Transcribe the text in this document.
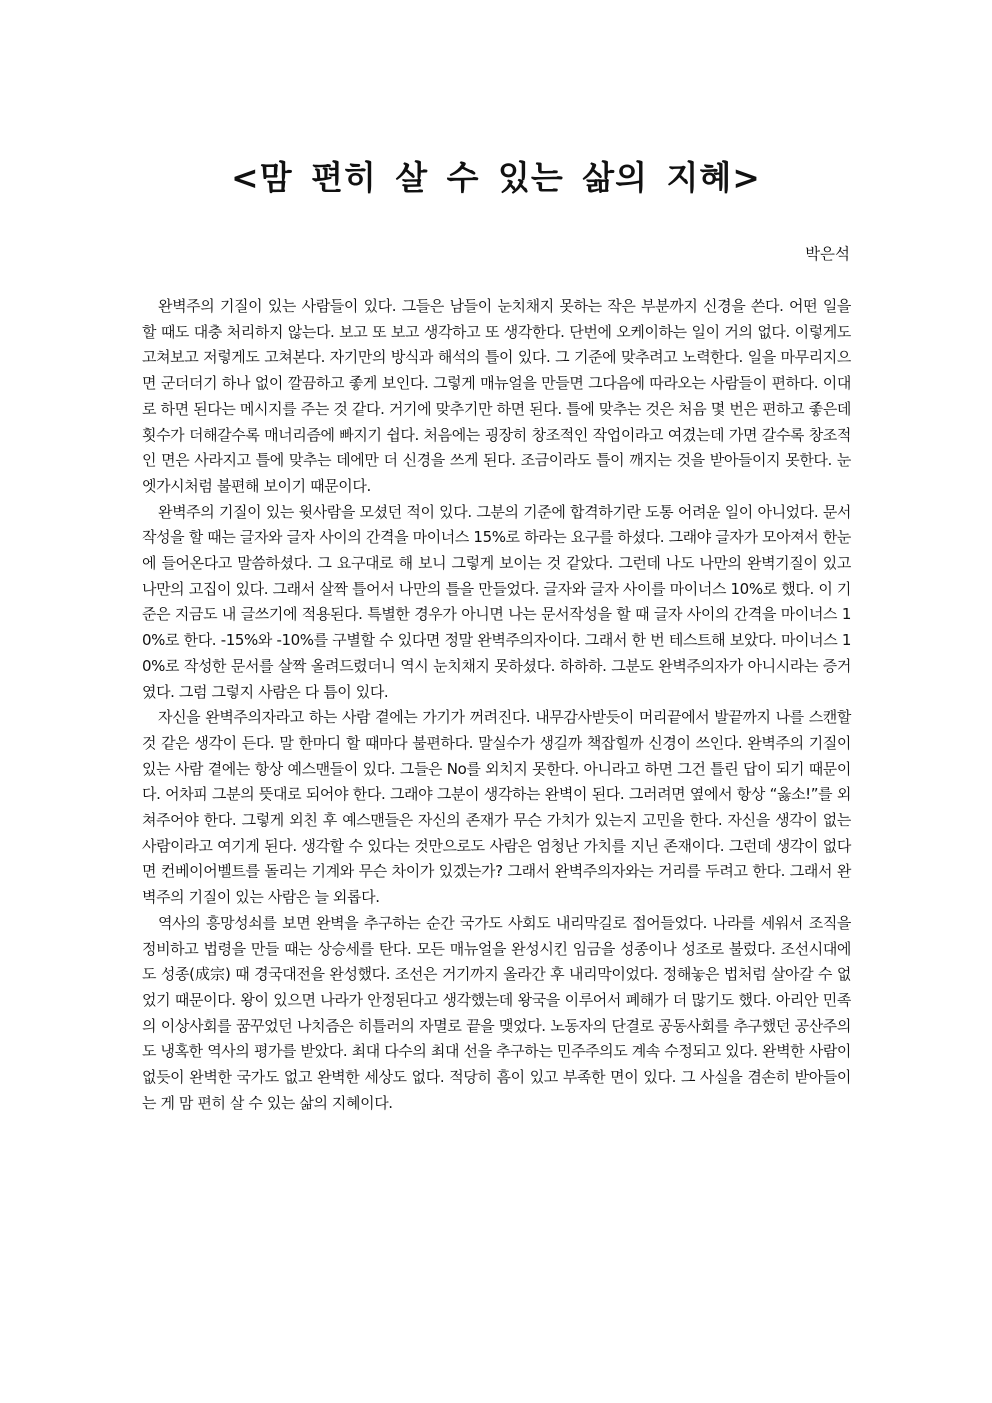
<맘 편히 살 수 있는 삶의 지혜>
박은석

완벽주의 기질이 있는 사람들이 있다. 그들은 남들이 눈치채지 못하는 작은 부분까지 신경을 쓴다. 어떤 일을 할 때도 대충 처리하지 않는다. 보고 또 보고 생각하고 또 생각한다. 단번에 오케이하는 일이 거의 없다. 이렇게도 고쳐보고 저렇게도 고쳐본다. 자기만의 방식과 해석의 틀이 있다. 그 기준에 맞추려고 노력한다. 일을 마무리지으면 군더더기 하나 없이 깔끔하고 좋게 보인다. 그렇게 매뉴얼을 만들면 그다음에 따라오는 사람들이 편하다. 이대로 하면 된다는 메시지를 주는 것 같다. 거기에 맞추기만 하면 된다. 틀에 맞추는 것은 처음 몇 번은 편하고 좋은데 횟수가 더해갈수록 매너리즘에 빠지기 쉽다. 처음에는 굉장히 창조적인 작업이라고 여겼는데 가면 갈수록 창조적인 면은 사라지고 틀에 맞추는 데에만 더 신경을 쓰게 된다. 조금이라도 틀이 깨지는 것을 받아들이지 못한다. 눈엣가시처럼 불편해 보이기 때문이다.

완벽주의 기질이 있는 윗사람을 모셨던 적이 있다. 그분의 기준에 합격하기란 도통 어려운 일이 아니었다. 문서작성을 할 때는 글자와 글자 사이의 간격을 마이너스 15%로 하라는 요구를 하셨다. 그래야 글자가 모아져서 한눈에 들어온다고 말씀하셨다. 그 요구대로 해 보니 그렇게 보이는 것 같았다. 그런데 나도 나만의 완벽기질이 있고 나만의 고집이 있다. 그래서 살짝 틀어서 나만의 틀을 만들었다. 글자와 글자 사이를 마이너스 10%로 했다. 이 기준은 지금도 내 글쓰기에 적용된다. 특별한 경우가 아니면 나는 문서작성을 할 때 글자 사이의 간격을 마이너스 10%로 한다. -15%와 -10%를 구별할 수 있다면 정말 완벽주의자이다. 그래서 한 번 테스트해 보았다. 마이너스 10%로 작성한 문서를 살짝 올려드렸더니 역시 눈치채지 못하셨다. 하하하. 그분도 완벽주의자가 아니시라는 증거였다. 그럼 그렇지 사람은 다 틈이 있다.

자신을 완벽주의자라고 하는 사람 곁에는 가기가 꺼려진다. 내무감사받듯이 머리끝에서 발끝까지 나를 스캔할 것 같은 생각이 든다. 말 한마디 할 때마다 불편하다. 말실수가 생길까 책잡힐까 신경이 쓰인다. 완벽주의 기질이 있는 사람 곁에는 항상 예스맨들이 있다. 그들은 No를 외치지 못한다. 아니라고 하면 그건 틀린 답이 되기 때문이다. 어차피 그분의 뜻대로 되어야 한다. 그래야 그분이 생각하는 완벽이 된다. 그러려면 옆에서 항상 “옳소!”를 외쳐주어야 한다. 그렇게 외친 후 예스맨들은 자신의 존재가 무슨 가치가 있는지 고민을 한다. 자신을 생각이 없는 사람이라고 여기게 된다. 생각할 수 있다는 것만으로도 사람은 엄청난 가치를 지닌 존재이다. 그런데 생각이 없다면 컨베이어벨트를 돌리는 기계와 무슨 차이가 있겠는가? 그래서 완벽주의자와는 거리를 두려고 한다. 그래서 완벽주의 기질이 있는 사람은 늘 외롭다.

역사의 흥망성쇠를 보면 완벽을 추구하는 순간 국가도 사회도 내리막길로 접어들었다. 나라를 세워서 조직을 정비하고 법령을 만들 때는 상승세를 탄다. 모든 매뉴얼을 완성시킨 임금을 성종이나 성조로 불렀다. 조선시대에도 성종(成宗) 때 경국대전을 완성했다. 조선은 거기까지 올라간 후 내리막이었다. 정해놓은 법처럼 살아갈 수 없었기 때문이다. 왕이 있으면 나라가 안정된다고 생각했는데 왕국을 이루어서 폐해가 더 많기도 했다. 아리안 민족의 이상사회를 꿈꾸었던 나치즘은 히틀러의 자멸로 끝을 맺었다. 노동자의 단결로 공동사회를 추구했던 공산주의도 냉혹한 역사의 평가를 받았다. 최대 다수의 최대 선을 추구하는 민주주의도 계속 수정되고 있다. 완벽한 사람이 없듯이 완벽한 국가도 없고 완벽한 세상도 없다. 적당히 흠이 있고 부족한 면이 있다. 그 사실을 겸손히 받아들이는 게 맘 편히 살 수 있는 삶의 지혜이다.
